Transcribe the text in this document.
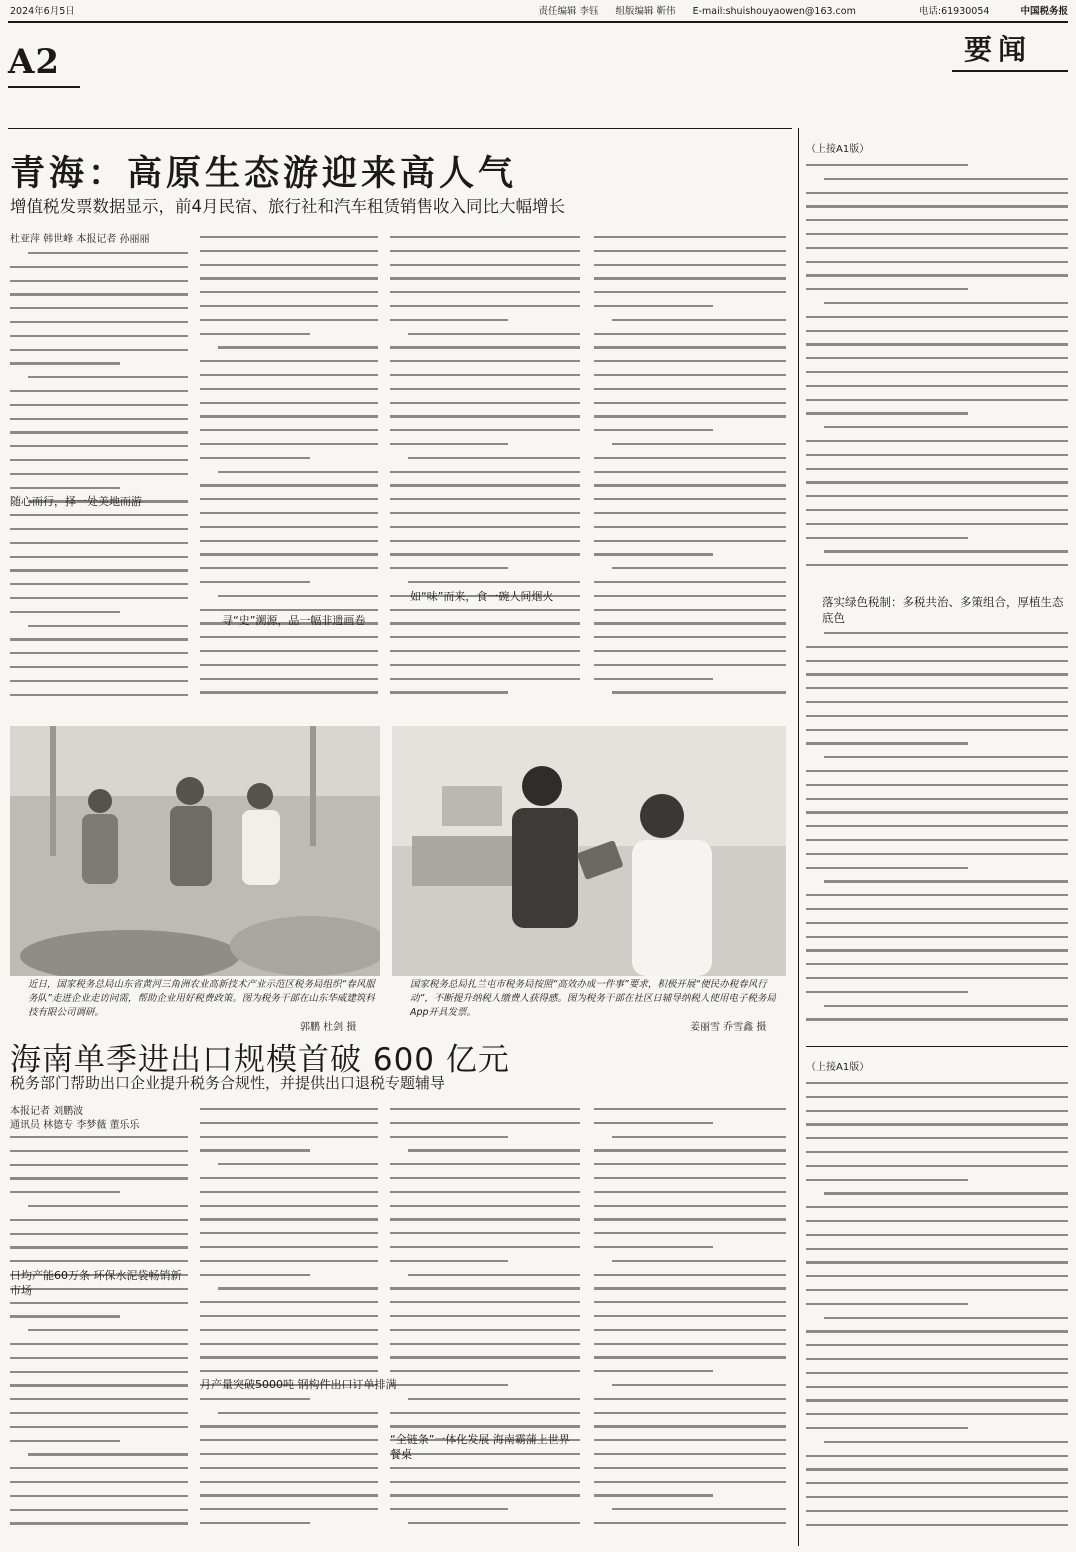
2024年6月5日	责任编辑 李钰 组版编辑 靳伟 E-mail:shuishouyaowen@163.com	电话:61930054	中国税务报
A2	要闻
青海：高原生态游迎来高人气
增值税发票数据显示，前4月民宿、旅行社和汽车租赁销售收入同比大幅增长
杜亚萍 韩世峰 本报记者 孙丽丽
随心而行，择一处美地而游
寻“史”溯源，品一幅非遗画卷
如“味”而来，食一碗人间烟火
近日，国家税务总局山东省黄河三角洲农业高新技术产业示范区税务局组织“春风服务队”走进企业走访问需，帮助企业用好税费政策。图为税务干部在山东华威建筑科技有限公司调研。
郭鹏 杜剑 摄
国家税务总局扎兰屯市税务局按照“高效办成一件事”要求，积极开展“便民办税春风行动”，不断提升纳税人缴费人获得感。图为税务干部在社区日辅导纳税人使用电子税务局App开具发票。
姜丽雪 乔雪鑫 摄
海南单季进出口规模首破 600 亿元
税务部门帮助出口企业提升税务合规性，并提供出口退税专题辅导
本报记者 刘鹏波
通讯员 林德专 李梦薇 董乐乐
日均产能60万条 环保水泥袋畅销新市场
月产量突破5000吨 钢构件出口订单排满
“全链条”一体化发展 海南霸蒲上世界餐桌
（上接A1版）
落实绿色税制：多税共治、多策组合，厚植生态底色
（上接A1版）
